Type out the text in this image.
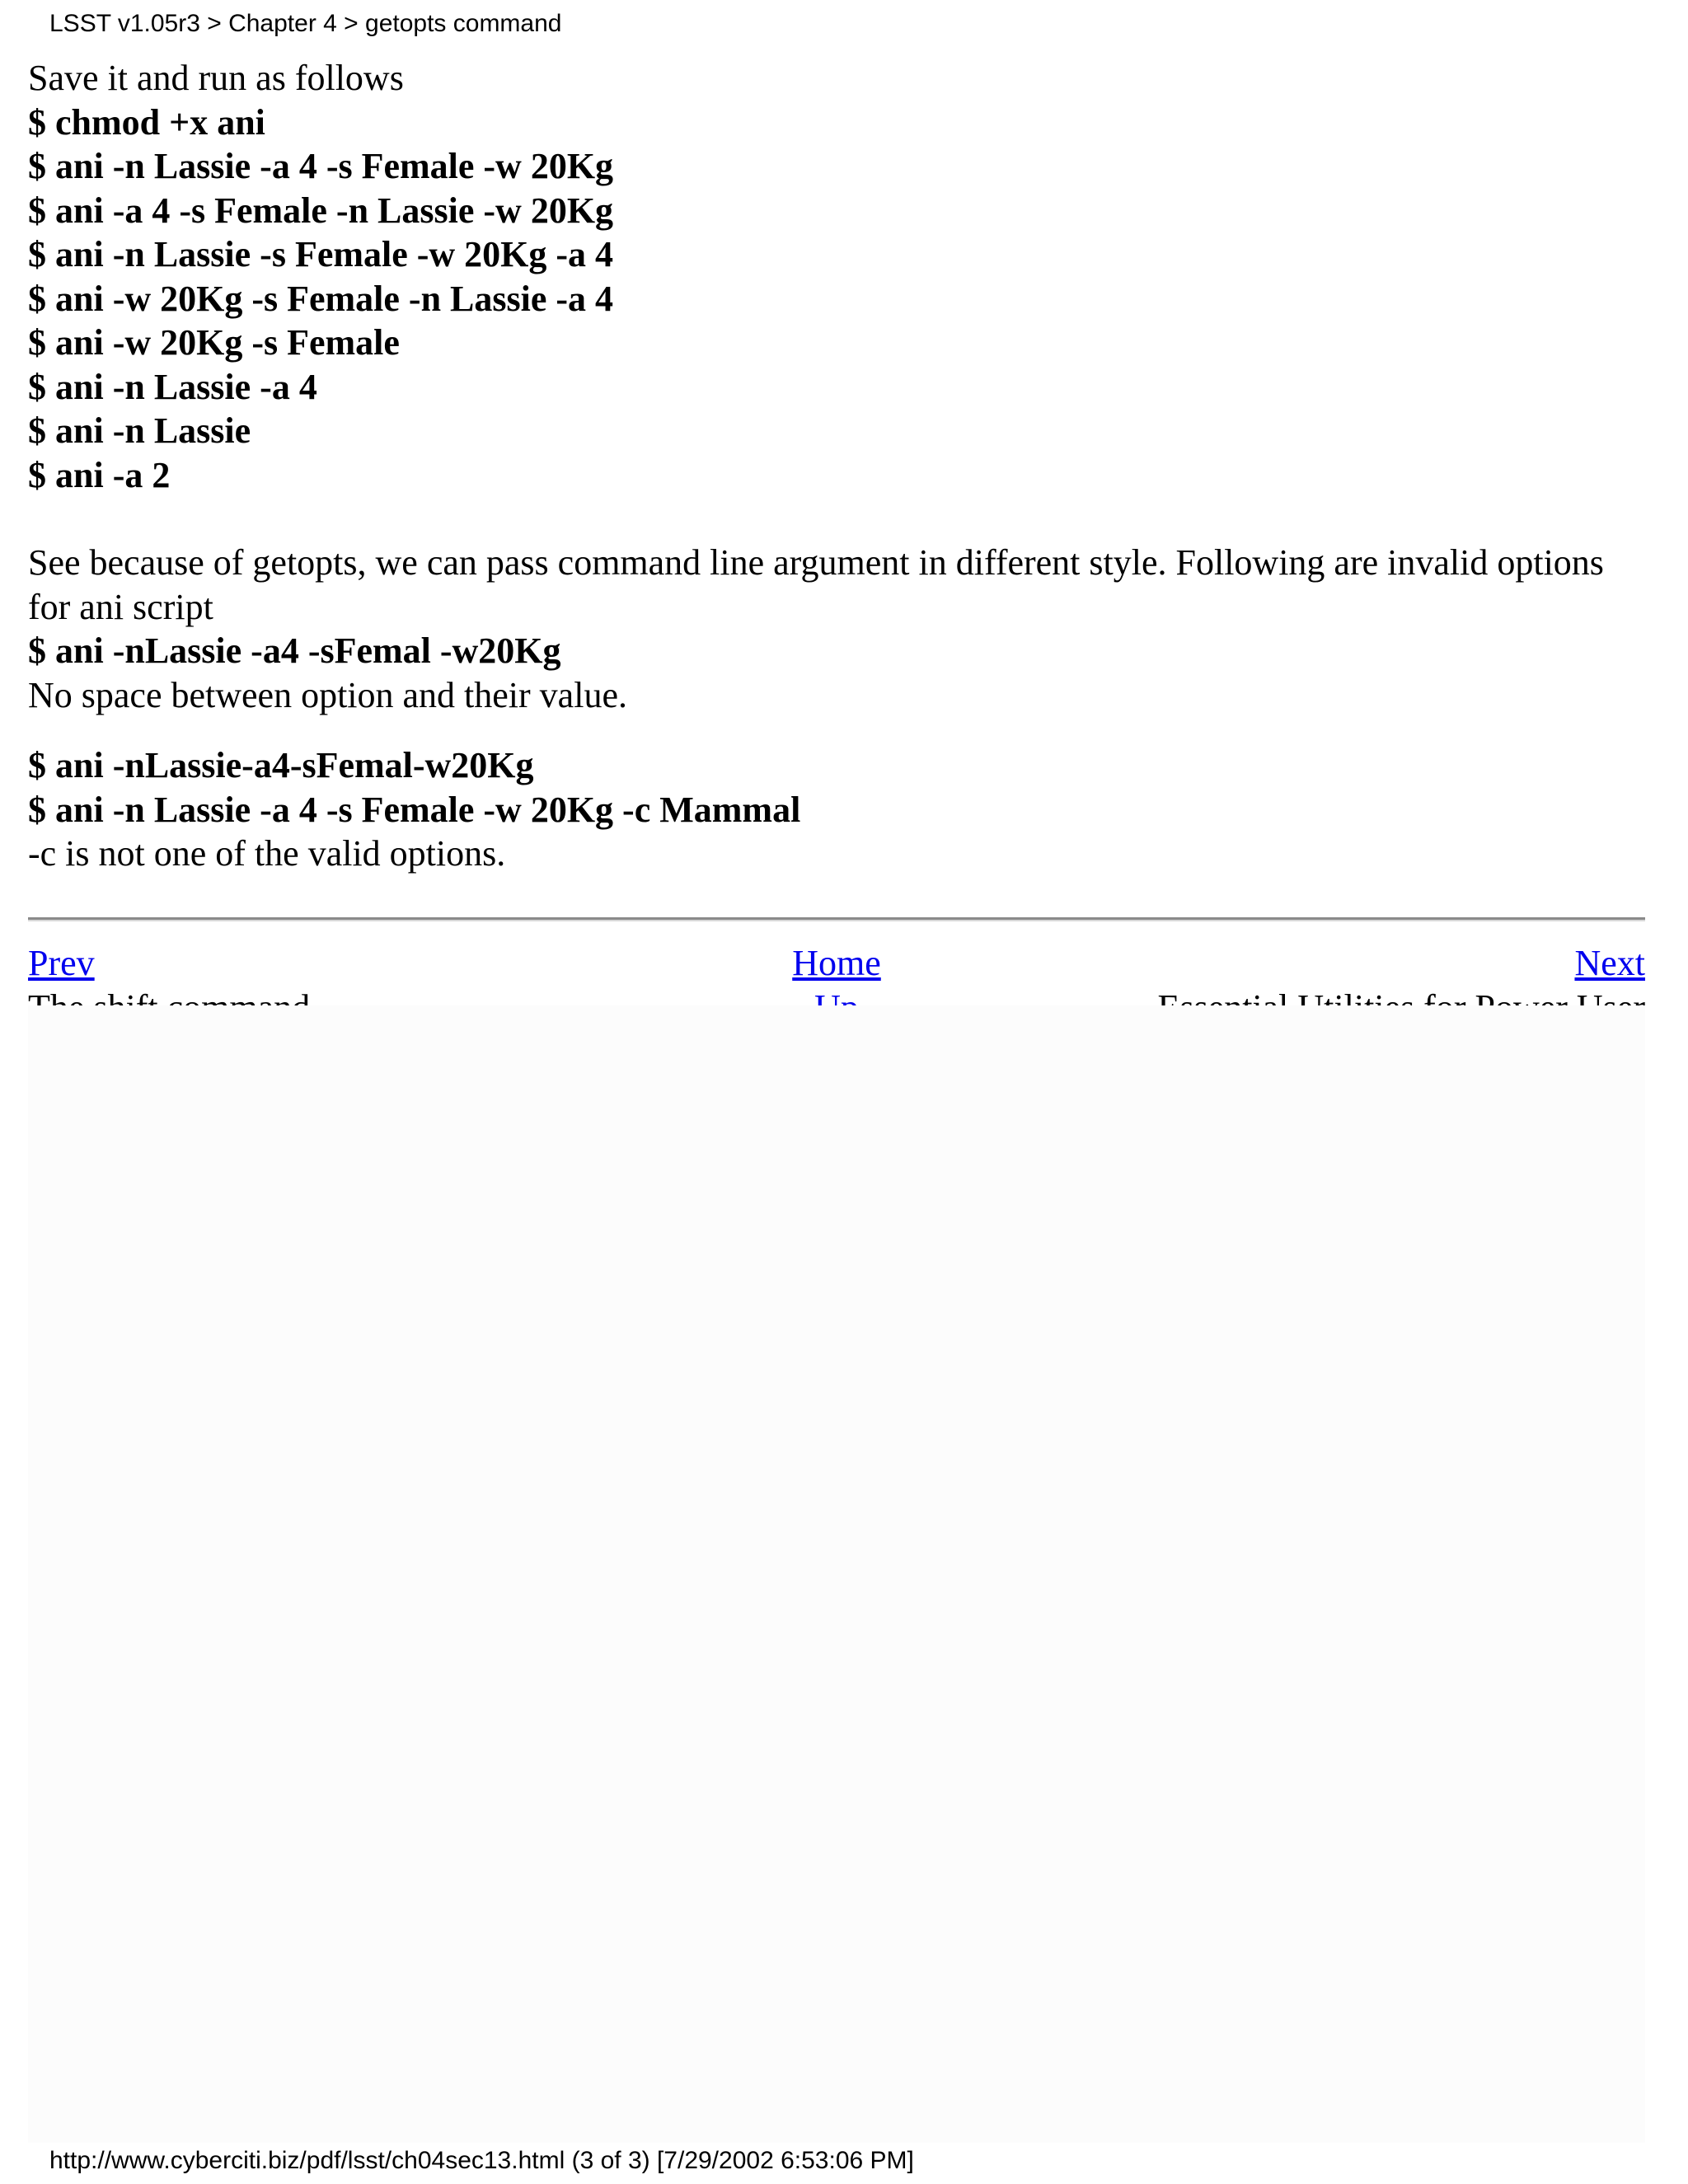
LSST v1.05r3 > Chapter 4 > getopts command
Save it and run as follows
$ chmod +x ani
$ ani -n Lassie -a 4 -s Female -w 20Kg
$ ani -a 4 -s Female -n Lassie -w 20Kg
$ ani -n Lassie -s Female -w 20Kg -a 4
$ ani -w 20Kg -s Female -n Lassie -a 4
$ ani -w 20Kg -s Female
$ ani -n Lassie -a 4
$ ani -n Lassie
$ ani -a 2
See because of getopts, we can pass command line argument in different style. Following are invalid options for ani script
$ ani -nLassie -a4 -sFemal -w20Kg
No space between option and their value.
$ ani -nLassie-a4-sFemal-w20Kg
$ ani -n Lassie -a 4 -s Female -w 20Kg -c Mammal
-c is not one of the valid options.
Home
Prev	Next
http://www.cyberciti.biz/pdf/lsst/ch04sec13.html (3 of 3) [7/29/2002 6:53:06 PM]
